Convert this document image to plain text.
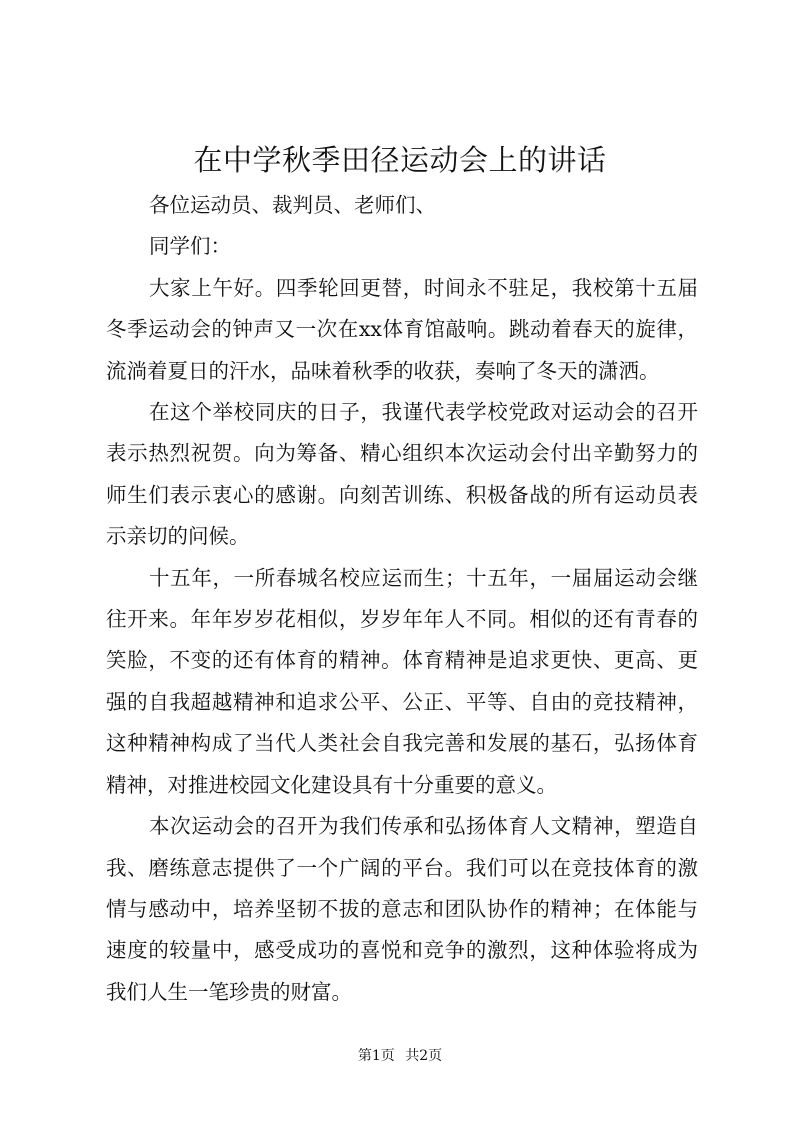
在中学秋季田径运动会上的讲话

各位运动员、裁判员、老师们、

同学们：

大家上午好。四季轮回更替，时间永不驻足，我校第十五届冬季运动会的钟声又一次在xx体育馆敲响。跳动着春天的旋律，流淌着夏日的汗水，品味着秋季的收获，奏响了冬天的潇洒。

在这个举校同庆的日子，我谨代表学校党政对运动会的召开表示热烈祝贺。向为筹备、精心组织本次运动会付出辛勤努力的师生们表示衷心的感谢。向刻苦训练、积极备战的所有运动员表示亲切的问候。

十五年，一所春城名校应运而生；十五年，一届届运动会继往开来。年年岁岁花相似，岁岁年年人不同。相似的还有青春的笑脸，不变的还有体育的精神。体育精神是追求更快、更高、更强的自我超越精神和追求公平、公正、平等、自由的竞技精神，这种精神构成了当代人类社会自我完善和发展的基石，弘扬体育精神，对推进校园文化建设具有十分重要的意义。

本次运动会的召开为我们传承和弘扬体育人文精神，塑造自我、磨练意志提供了一个广阔的平台。我们可以在竞技体育的激情与感动中，培养坚韧不拔的意志和团队协作的精神；在体能与速度的较量中，感受成功的喜悦和竞争的激烈，这种体验将成为我们人生一笔珍贵的财富。

第1页 共2页
